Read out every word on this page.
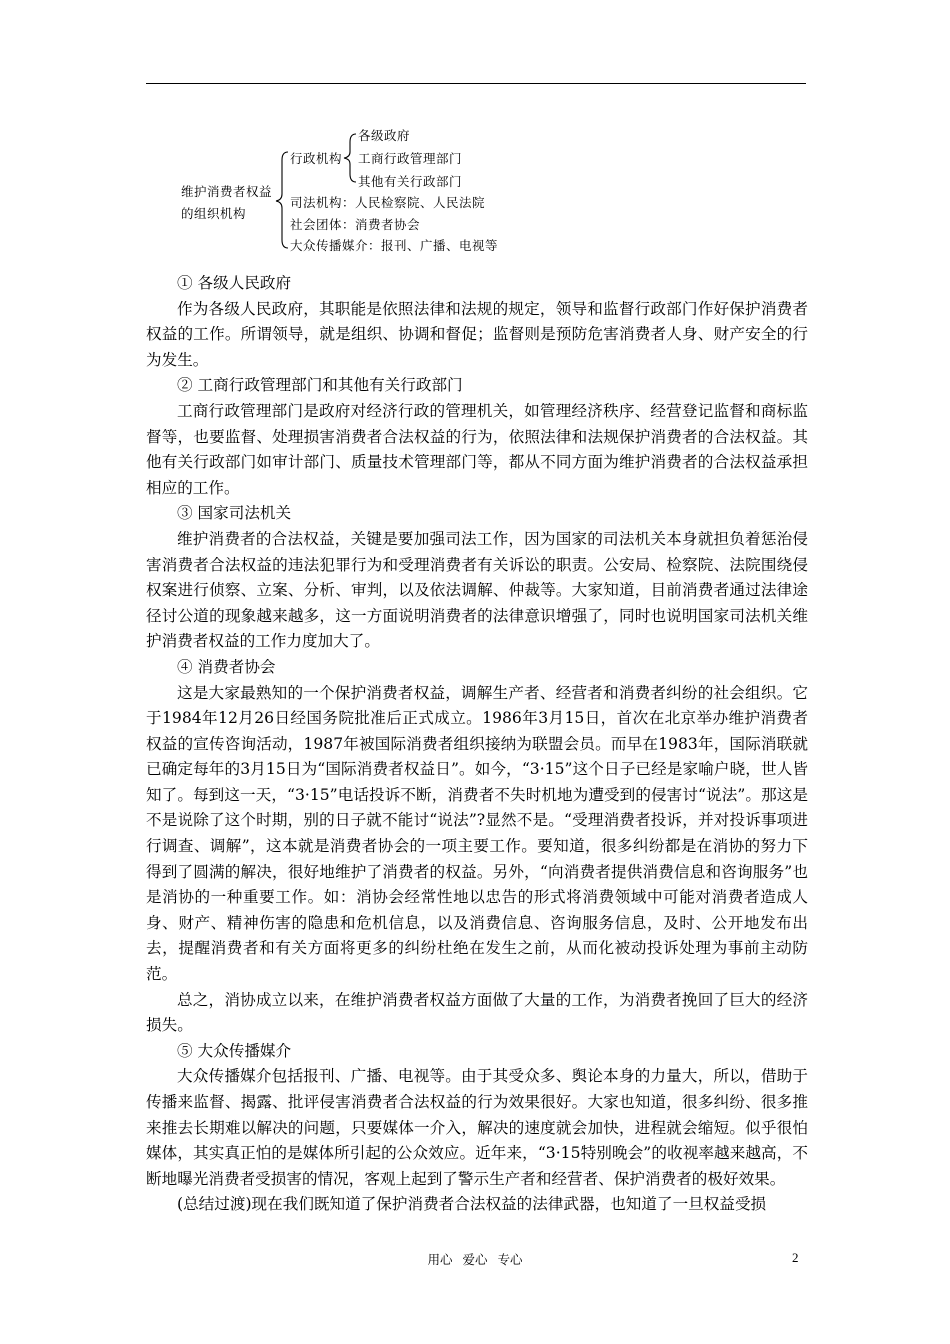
维护消费者权益
的组织机构
行政机构
各级政府
工商行政管理部门
其他有关行政部门
司法机构：人民检察院、人民法院
社会团体：消费者协会
大众传播媒介：报刊、广播、电视等

① 各级人民政府

作为各级人民政府，其职能是依照法律和法规的规定，领导和监督行政部门作好保护消费者权益的工作。所谓领导，就是组织、协调和督促；监督则是预防危害消费者人身、财产安全的行为发生。

② 工商行政管理部门和其他有关行政部门

工商行政管理部门是政府对经济行政的管理机关，如管理经济秩序、经营登记监督和商标监督等，也要监督、处理损害消费者合法权益的行为，依照法律和法规保护消费者的合法权益。其他有关行政部门如审计部门、质量技术管理部门等，都从不同方面为维护消费者的合法权益承担相应的工作。

③ 国家司法机关

维护消费者的合法权益，关键是要加强司法工作，因为国家的司法机关本身就担负着惩治侵害消费者合法权益的违法犯罪行为和受理消费者有关诉讼的职责。公安局、检察院、法院围绕侵权案进行侦察、立案、分析、审判，以及依法调解、仲裁等。大家知道，目前消费者通过法律途径讨公道的现象越来越多，这一方面说明消费者的法律意识增强了，同时也说明国家司法机关维护消费者权益的工作力度加大了。

④ 消费者协会

这是大家最熟知的一个保护消费者权益，调解生产者、经营者和消费者纠纷的社会组织。它于1984年12月26日经国务院批准后正式成立。1986年3月15日，首次在北京举办维护消费者权益的宣传咨询活动，1987年被国际消费者组织接纳为联盟会员。而早在1983年，国际消联就已确定每年的3月15日为“国际消费者权益日”。如今，“3·15”这个日子已经是家喻户晓，世人皆知了。每到这一天，“3·15”电话投诉不断，消费者不失时机地为遭受到的侵害讨“说法”。那这是不是说除了这个时期，别的日子就不能讨“说法”?显然不是。“受理消费者投诉，并对投诉事项进行调查、调解”，这本就是消费者协会的一项主要工作。要知道，很多纠纷都是在消协的努力下得到了圆满的解决，很好地维护了消费者的权益。另外，“向消费者提供消费信息和咨询服务”也是消协的一种重要工作。如：消协会经常性地以忠告的形式将消费领域中可能对消费者造成人身、财产、精神伤害的隐患和危机信息，以及消费信息、咨询服务信息，及时、公开地发布出去，提醒消费者和有关方面将更多的纠纷杜绝在发生之前，从而化被动投诉处理为事前主动防范。

总之，消协成立以来，在维护消费者权益方面做了大量的工作，为消费者挽回了巨大的经济损失。

⑤ 大众传播媒介

大众传播媒介包括报刊、广播、电视等。由于其受众多、舆论本身的力量大，所以，借助于传播来监督、揭露、批评侵害消费者合法权益的行为效果很好。大家也知道，很多纠纷、很多推来推去长期难以解决的问题，只要媒体一介入，解决的速度就会加快，进程就会缩短。似乎很怕媒体，其实真正怕的是媒体所引起的公众效应。近年来，“3·15特别晚会”的收视率越来越高，不断地曝光消费者受损害的情况，客观上起到了警示生产者和经营者、保护消费者的极好效果。

(总结过渡)现在我们既知道了保护消费者合法权益的法律武器，也知道了一旦权益受损

用心 爱心 专心	2
